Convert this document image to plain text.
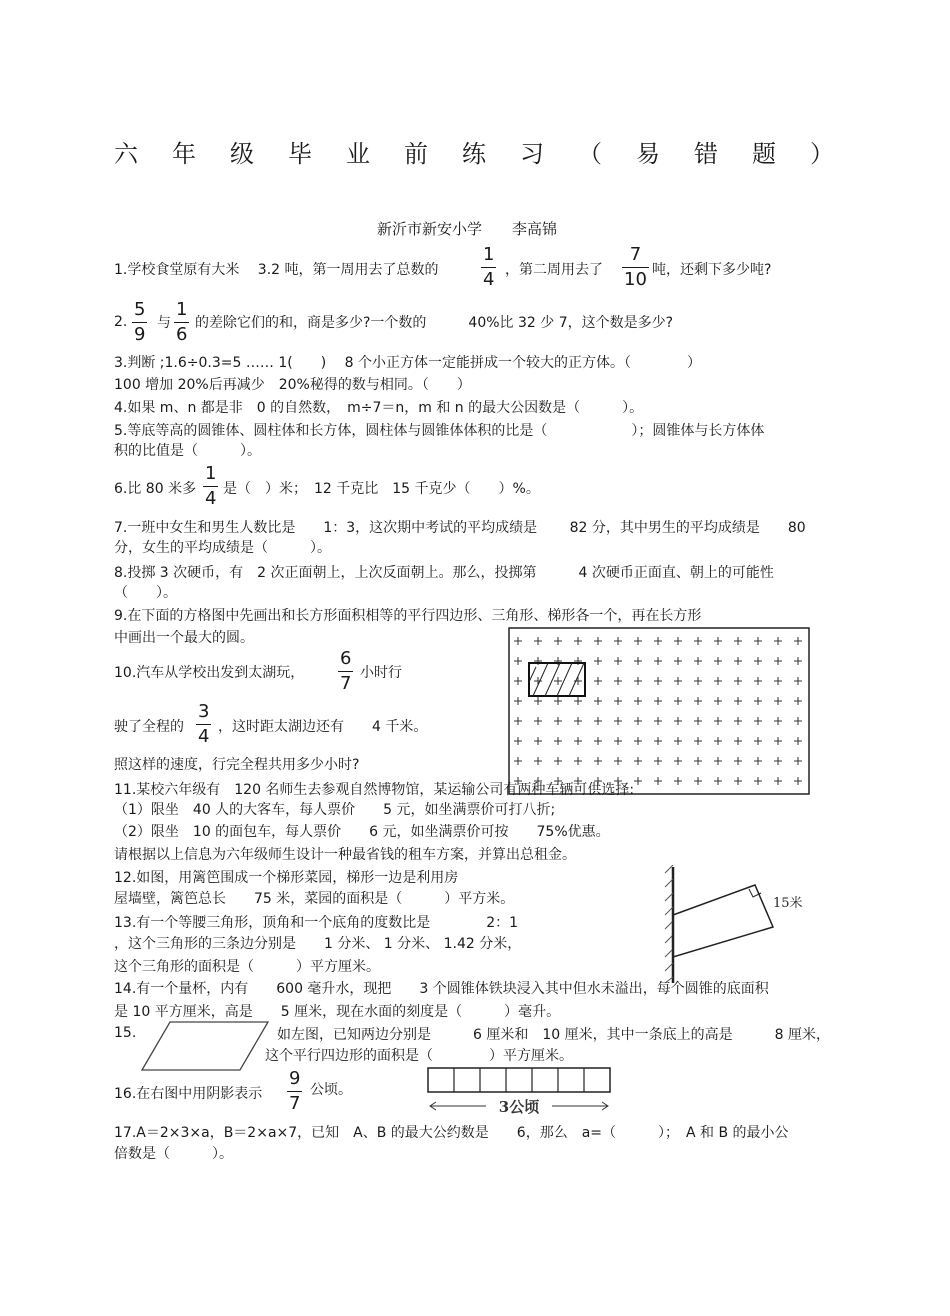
六 年 级 毕 业 前 练 习 （ 易 错 题 ）
新沂市新安小学　　李高锦
1.学校食堂原有大米　 3.2 吨，第一周用去了总数的
1
4 ，第二周用去了
7
10 吨，还剩下多少吨?
2.
5
9
与
1
6
的差除它们的和，商是多少?一个数的　　　40%比 32 少 7，这个数是多少?
3.判断 ;1.6÷0.3=5 …… 1(　　)　 8 个小正方体一定能拼成一个较大的正方体。（　　　　）
100 增加 20%后再减少　20%秘得的数与相同。（　　）
4.如果 m、n 都是非　0 的自然数，　m÷7＝n，m 和 n 的最大公因数是（　　　）。
5.等底等高的圆锥体、圆柱体和长方体，圆柱体与圆锥体体积的比是（　　　　　　）；圆锥体与长方体体
积的比值是（　　　）。
6.比 80 米多
1
4 是（　）米；　12 千克比　15 千克少（　　）%。
7.一班中女生和男生人数比是　　1：3，这次期中考试的平均成绩是　　 82 分，其中男生的平均成绩是　　80
分，女生的平均成绩是（　　　）。
8.投掷 3 次硬币，有　2 次正面朝上，上次反面朝上。那么，投掷第　　　4 次硬币正面直、朝上的可能性
（　　）。
9.在下面的方格图中先画出和长方形面积相等的平行四边形、三角形、梯形各一个，再在长方形
中画出一个最大的圆。
10.汽车从学校出发到太湖玩，
6
7 小时行
驶了全程的
3
4 ，这时距太湖边还有　　4 千米。
照这样的速度，行完全程共用多少小时?
11.某校六年级有　120 名师生去参观自然博物馆，某运输公司有两种车辆可供选择:
（1）限坐　40 人的大客车，每人票价　　5 元，如坐满票价可打八折;
（2）限坐　10 的面包车，每人票价　　6 元，如坐满票价可按　　75%优惠。
请根据以上信息为六年级师生设计一种最省钱的租车方案，并算出总租金。
12.如图，用篱笆围成一个梯形菜园，梯形一边是利用房
屋墙壁，篱笆总长　　75 米，菜园的面积是（　　　）平方米。	15米
13.有一个等腰三角形，顶角和一个底角的度数比是　　　　2：1
，这个三角形的三条边分别是　　1 分米、 1 分米、 1.42 分米，
这个三角形的面积是（　　　）平方厘米。
14.有一个量杯，内有　　600 毫升水，现把　　3 个圆锥体铁块浸入其中但水未溢出，每个圆锥的底面积
是 10 平方厘米，高是　　5 厘米，现在水面的刻度是（　　　）毫升。
15.	如左图，已知两边分别是　　　6 厘米和　10 厘米，其中一条底上的高是　　　8 厘米，
这个平行四边形的面积是（　　　　）平方厘米。
16.在右图中用阴影表示
9
7
公顷。
3公顷
17.A＝2×3×a，B＝2×a×7，已知　A、B 的最大公约数是　　6，那么　a=（　　　）；　A 和 B 的最小公
倍数是（　　　）。
